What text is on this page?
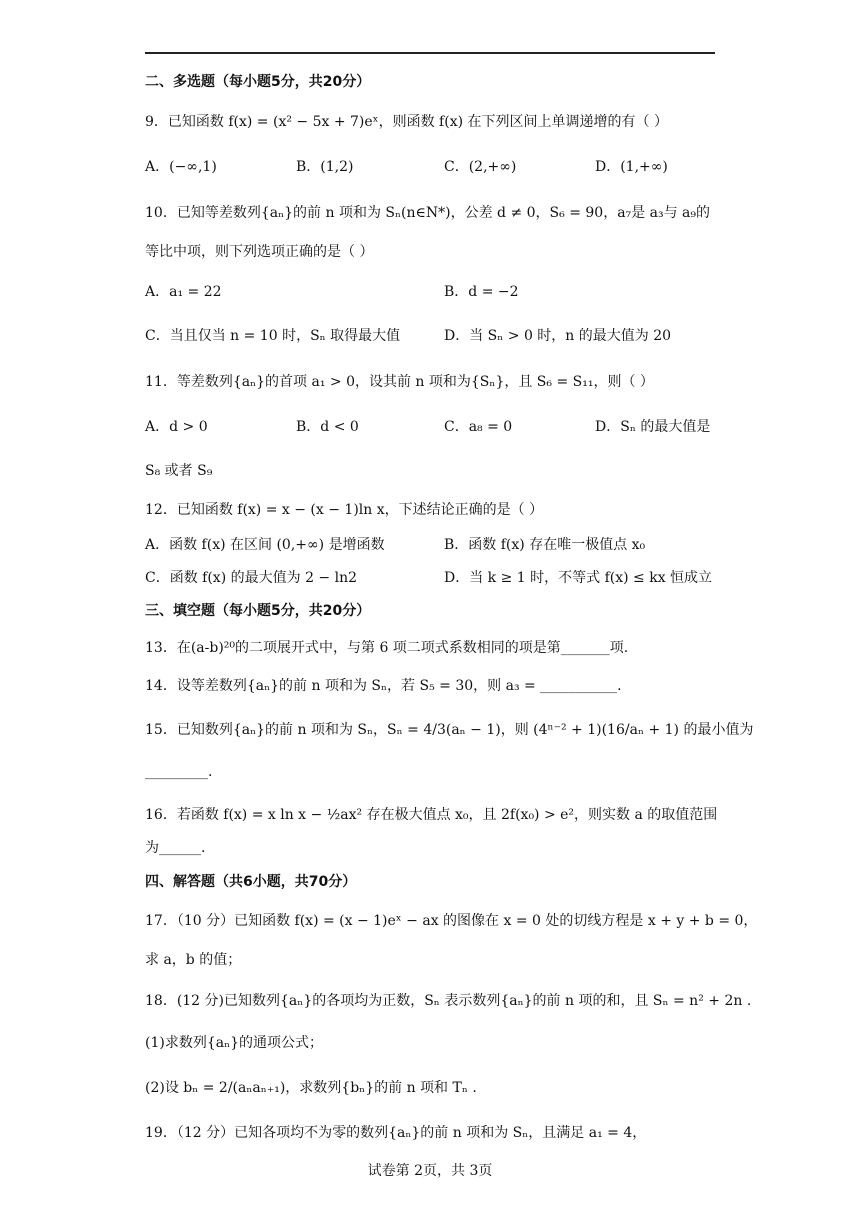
二、多选题（每小题5分，共20分）
9．已知函数 f(x) = (x² − 5x + 7)eˣ，则函数 f(x) 在下列区间上单调递增的有（ ）
A．(−∞,1)	B．(1,2)	C．(2,+∞)	D．(1,+∞)
10．已知等差数列{aₙ}的前 n 项和为 Sₙ(n∈N*)，公差 d ≠ 0，S₆ = 90，a₇是 a₃与 a₉的
等比中项，则下列选项正确的是（ ）
A．a₁ = 22	B．d = −2
C．当且仅当 n = 10 时，Sₙ 取得最大值	D．当 Sₙ > 0 时，n 的最大值为 20
11．等差数列{aₙ}的首项 a₁ > 0，设其前 n 项和为{Sₙ}，且 S₆ = S₁₁，则（ ）
A．d > 0	B．d < 0	C．a₈ = 0	D．Sₙ 的最大值是
S₈ 或者 S₉
12．已知函数 f(x) = x − (x − 1)ln x，下述结论正确的是（ ）
A．函数 f(x) 在区间 (0,+∞) 是增函数	B．函数 f(x) 存在唯一极值点 x₀
C．函数 f(x) 的最大值为 2 − ln2	D．当 k ≥ 1 时，不等式 f(x) ≤ kx 恒成立
三、填空题（每小题5分，共20分）
13．在(a-b)²⁰的二项展开式中，与第 6 项二项式系数相同的项是第_______项.
14．设等差数列{aₙ}的前 n 项和为 Sₙ，若 S₅ = 30，则 a₃ = ___________.
15．已知数列{aₙ}的前 n 项和为 Sₙ，Sₙ = 4/3(aₙ − 1)，则 (4ⁿ⁻² + 1)(16/aₙ + 1) 的最小值为
_________.
16．若函数 f(x) = x ln x − ½ax² 存在极大值点 x₀，且 2f(x₀) > e²，则实数 a 的取值范围
为______.
四、解答题（共6小题，共70分）
17．（10 分）已知函数 f(x) = (x − 1)eˣ − ax 的图像在 x = 0 处的切线方程是 x + y + b = 0，
求 a，b 的值；
18．(12 分)已知数列{aₙ}的各项均为正数，Sₙ 表示数列{aₙ}的前 n 项的和，且 Sₙ = n² + 2n .
(1)求数列{aₙ}的通项公式；
(2)设 bₙ = 2/(aₙaₙ₊₁)，求数列{bₙ}的前 n 项和 Tₙ .
19．（12 分）已知各项均不为零的数列{aₙ}的前 n 项和为 Sₙ，且满足 a₁ = 4，
试卷第 2页，共 3页
